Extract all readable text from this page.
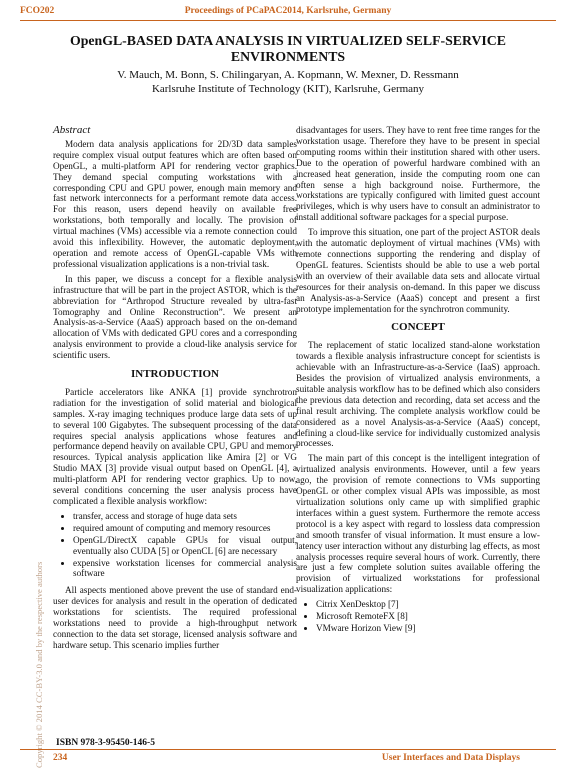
FCO202	Proceedings of PCaPAC2014, Karlsruhe, Germany
OpenGL-BASED DATA ANALYSIS IN VIRTUALIZED SELF-SERVICE ENVIRONMENTS
V. Mauch, M. Bonn, S. Chilingaryan, A. Kopmann, W. Mexner, D. Ressmann
Karlsruhe Institute of Technology (KIT), Karlsruhe, Germany
Abstract

Modern data analysis applications for 2D/3D data samples require complex visual output features which are often based on OpenGL, a multi-platform API for rendering vector graphics. They demand special computing workstations with a corresponding CPU and GPU power, enough main memory and fast network interconnects for a performant remote data access. For this reason, users depend heavily on available free workstations, both temporally and locally. The provision of virtual machines (VMs) accessible via a remote connection could avoid this inflexibility. However, the automatic deployment, operation and remote access of OpenGL-capable VMs with professional visualization applications is a non-trivial task.

In this paper, we discuss a concept for a flexible analysis infrastructure that will be part in the project ASTOR, which is the abbreviation for “Arthropod Structure revealed by ultra-fast Tomography and Online Reconstruction”. We present an Analysis-as-a-Service (AaaS) approach based on the on-demand allocation of VMs with dedicated GPU cores and a corresponding analysis environment to provide a cloud-like analysis service for scientific users.

INTRODUCTION

Particle accelerators like ANKA [1] provide synchrotron radiation for the investigation of solid material and biological samples. X-ray imaging techniques produce large data sets of up to several 100 Gigabytes. The subsequent processing of the data requires special analysis applications whose features and performance depend heavily on available CPU, GPU and memory resources. Typical analysis application like Amira [2] or VG Studio MAX [3] provide visual output based on OpenGL [4], a multi-platform API for rendering vector graphics. Up to now, several conditions concerning the user analysis process have complicated a flexible analysis workflow:

• transfer, access and storage of huge data sets
• required amount of computing and memory resources
• OpenGL/DirectX capable GPUs for visual output, eventually also CUDA [5] or OpenCL [6] are necessary
• expensive workstation licenses for commercial analysis software

All aspects mentioned above prevent the use of standard end-user devices for analysis and result in the operation of dedicated workstations for scientists. The required professional workstations need to provide a high-throughput network connection to the data set storage, licensed analysis software and hardware setup. This scenario implies further

disadvantages for users. They have to rent free time ranges for the workstation usage. Therefore they have to be present in special computing rooms within their institution shared with other users. Due to the operation of powerful hardware combined with an increased heat generation, inside the computing room one can often sense a high background noise. Furthermore, the workstations are typically configured with limited guest account privileges, which is why users have to consult an administrator to install additional software packages for a special purpose.

To improve this situation, one part of the project ASTOR deals with the automatic deployment of virtual machines (VMs) with remote connections supporting the rendering and display of OpenGL features. Scientists should be able to use a web portal with an overview of their available data sets and allocate virtual resources for their analysis on-demand. In this paper we discuss an Analysis-as-a-Service (AaaS) concept and present a first prototype implementation for the synchrotron community.

CONCEPT

The replacement of static localized stand-alone workstation towards a flexible analysis infrastructure concept for scientists is achievable with an Infrastructure-as-a-Service (IaaS) approach. Besides the provision of virtualized analysis environments, a suitable analysis workflow has to be defined which also considers the previous data detection and recording, data set access and the final result archiving. The complete analysis workflow could be considered as a novel Analysis-as-a-Service (AaaS) concept, defining a cloud-like service for individually customized analysis processes.

The main part of this concept is the intelligent integration of virtualized analysis environments. However, until a few years ago, the provision of remote connections to VMs supporting OpenGL or other complex visual APIs was impossible, as most virtualization solutions only came up with simplified graphic interfaces within a guest system. Furthermore the remote access protocol is a key aspect with regard to lossless data compression and smooth transfer of visual information. It must ensure a low-latency user interaction without any disturbing lag effects, as most analysis processes require several hours of work. Currently, there are just a few complete solution suites available offering the provision of virtualized workstations for professional visualization applications:

• Citrix XenDesktop [7]
• Microsoft RemoteFX [8]
• VMware Horizon View [9]
Copyright © 2014 CC-BY-3.0 and by the respective authors ISBN 978-3-95450-146-5
234	User Interfaces and Data Displays
